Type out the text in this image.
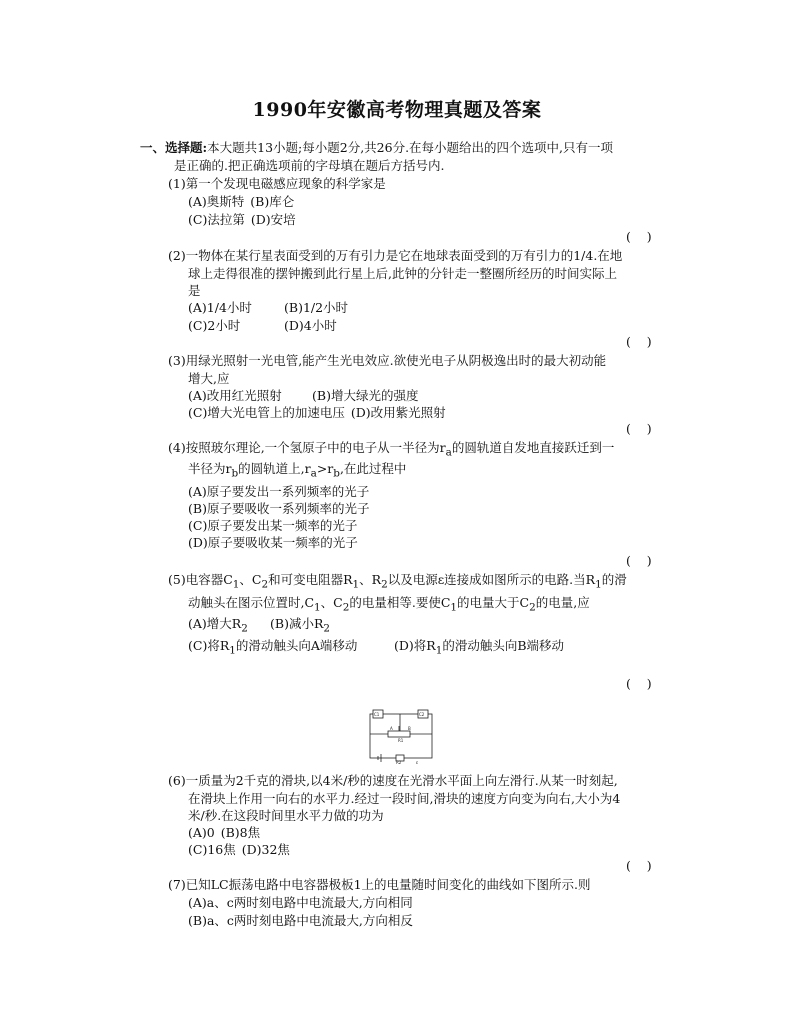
1990年安徽高考物理真题及答案
一、选择题:本大题共13小题;每小题2分,共26分.在每小题给出的四个选项中,只有一项
是正确的.把正确选项前的字母填在题后方括号内.
(1)第一个发现电磁感应现象的科学家是
(A)奥斯特 (B)库仑
(C)法拉第 (D)安培
(    )
(2)一物体在某行星表面受到的万有引力是它在地球表面受到的万有引力的1/4.在地
球上走得很准的摆钟搬到此行星上后,此钟的分针走一整圈所经历的时间实际上
是
(A)1/4小时	(B)1/2小时
(C)2小时	(D)4小时
(    )
(3)用绿光照射一光电管,能产生光电效应.欲使光电子从阴极逸出时的最大初动能
增大,应
(A)改用红光照射 (B)增大绿光的强度
(C)增大光电管上的加速电压 (D)改用紫光照射
(    )
(4)按照玻尔理论,一个氢原子中的电子从一半径为$r_a$的圆轨道自发地直接跃迁到一
半径为$r_b$的圆轨道上$,r_a>r_b$,在此过程中
(A)原子要发出一系列频率的光子
(B)原子要吸收一系列频率的光子
(C)原子要发出某一频率的光子
(D)原子要吸收某一频率的光子
(    )
(5)电容器$C_1$、$C_2$和可变电阻器$R_1$、$R_2$以及电源ε连接成如图所示的电路.当$R_1$的滑
动触头在图示位置时$,C_1$、$C_2$的电量相等.要使$C_1$的电量大于$C_2$的电量,应
(A)增大$R_2$ (B)减小$R_2$
(C)将$R_1$的滑动触头向A端移动	(D)将$R_1$的滑动触头向B端移动
(    )
C1	C2
A	B
R1
R2	ε
(6)一质量为2千克的滑块,以4米/秒的速度在光滑水平面上向左滑行.从某一时刻起,
在滑块上作用一向右的水平力.经过一段时间,滑块的速度方向变为向右,大小为4
米/秒.在这段时间里水平力做的功为
(A)0 (B)8焦
(C)16焦 (D)32焦
(    )
(7)已知LC振荡电路中电容器极板1上的电量随时间变化的曲线如下图所示.则
(A)a、c两时刻电路中电流最大,方向相同
(B)a、c两时刻电路中电流最大,方向相反
